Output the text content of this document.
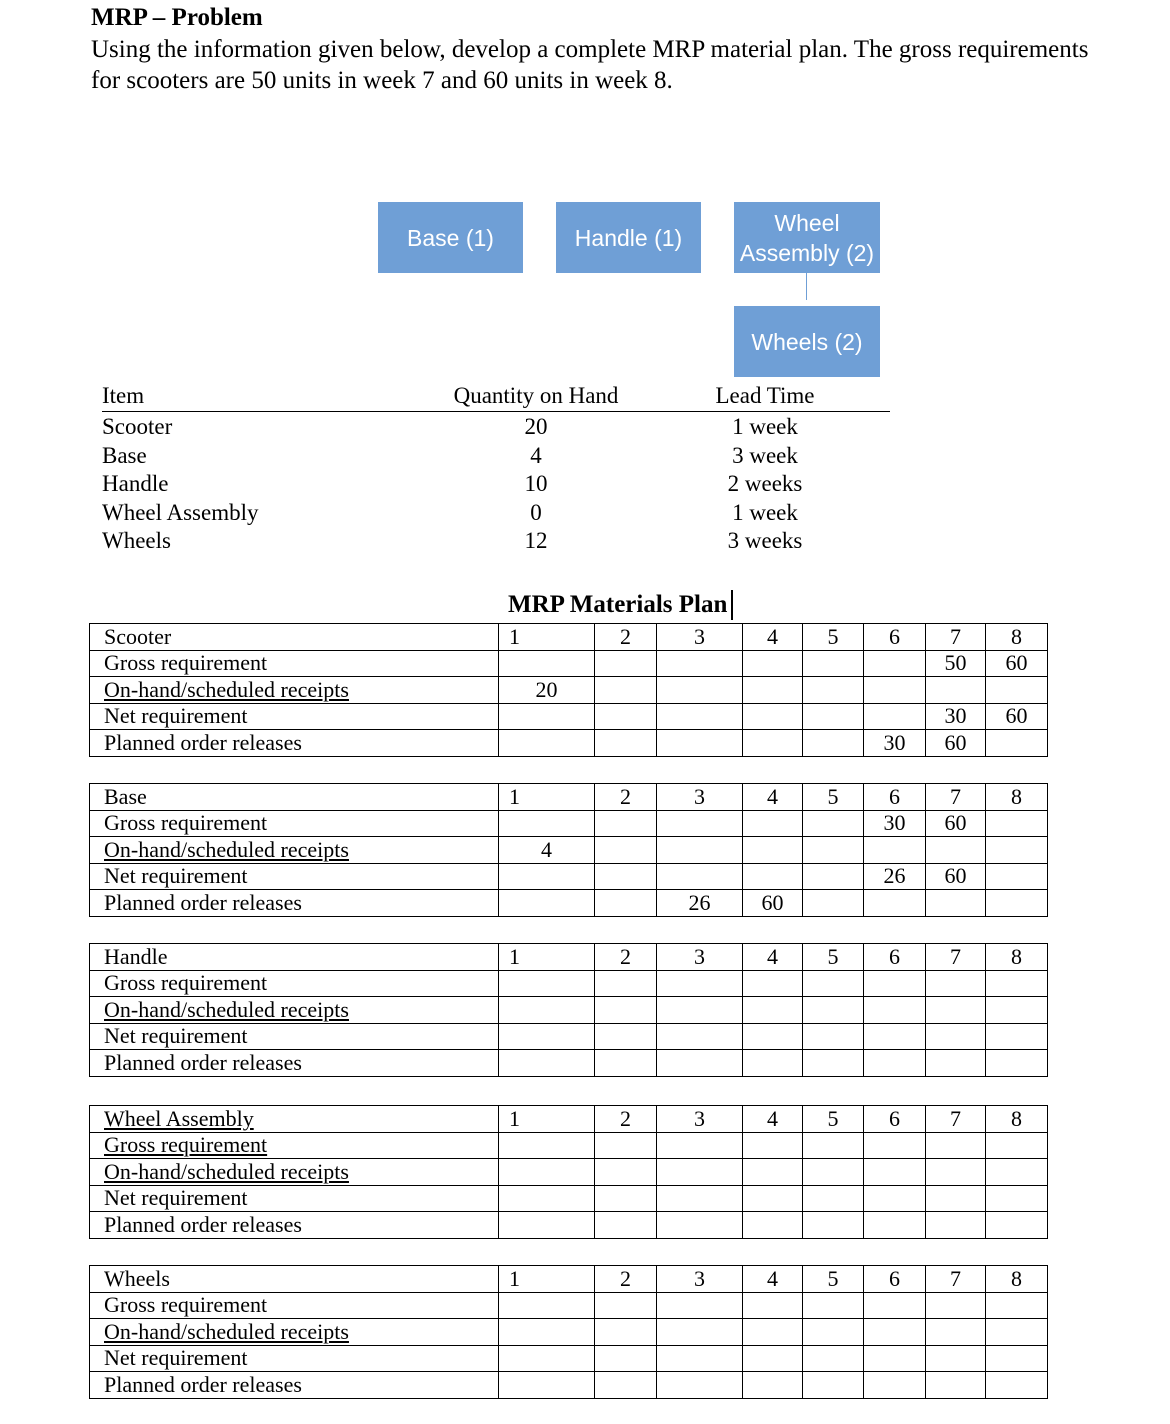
MRP – Problem
Using the information given below, develop a complete MRP material plan. The gross requirements for scooters are 50 units in week 7 and 60 units in week 8.
Base (1)	Handle (1)
Wheel
Assembly (2)
Wheels (2)
Item	Quantity on Hand	Lead Time
Scooter	20	1 week
Base	4	3 week
Handle	10	2 weeks
Wheel Assembly	0	1 week
Wheels	12	3 weeks
MRP Materials Plan
Scooter	1	2	3	4	5	6	7	8
Gross requirement							50	60
On-hand/scheduled receipts	20							
Net requirement							30	60
Planned order releases						30	60	
Base	1	2	3	4	5	6	7	8
Gross requirement						30	60	
On-hand/scheduled receipts	4							
Net requirement						26	60	
Planned order releases			26	60				
Handle	1	2	3	4	5	6	7	8
Gross requirement								
On-hand/scheduled receipts								
Net requirement								
Planned order releases								
Wheel Assembly	1	2	3	4	5	6	7	8
Gross requirement								
On-hand/scheduled receipts								
Net requirement								
Planned order releases								
Wheels	1	2	3	4	5	6	7	8
Gross requirement								
On-hand/scheduled receipts								
Net requirement								
Planned order releases								
